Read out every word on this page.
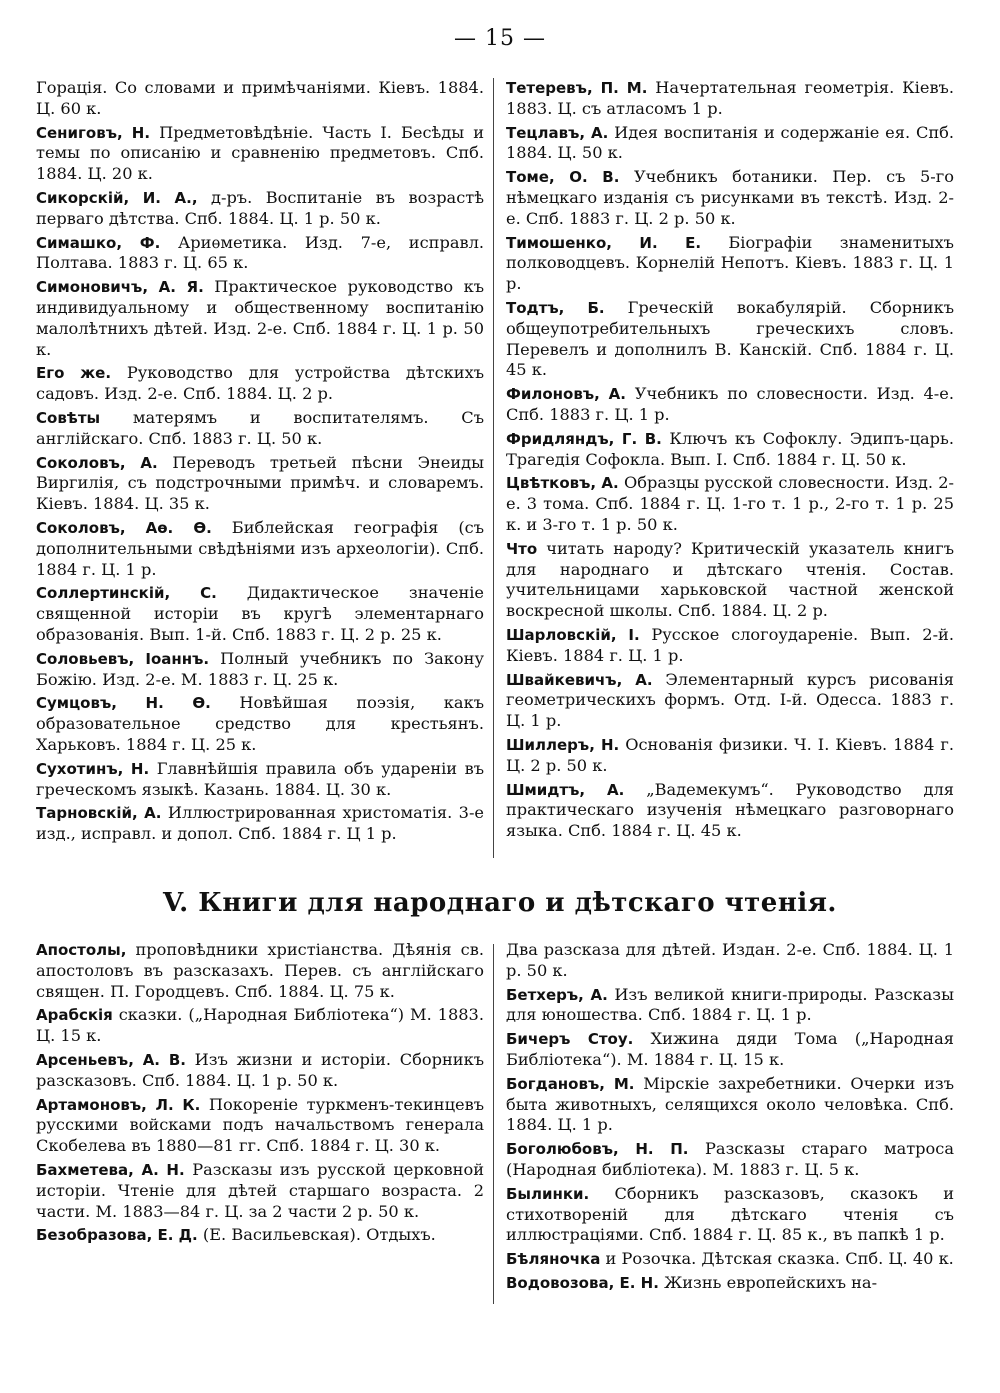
— 15 —

Горація. Со словами и примѣчаніями. Кіевъ. 1884. Ц. 60 к.

Сениговъ, Н. Предметовѣдѣніе. Часть I. Бесѣды и темы по описанію и сравненію предметовъ. Спб. 1884. Ц. 20 к.

Сикорскій, И. А., д-ръ. Воспитаніе въ возрастѣ перваго дѣтства. Спб. 1884. Ц. 1 р. 50 к.

Симашко, Ф. Ариѳметика. Изд. 7-е, исправл. Полтава. 1883 г. Ц. 65 к.

Симоновичъ, А. Я. Практическое руководство къ индивидуальному и общественному воспитанію малолѣтнихъ дѣтей. Изд. 2-е. Спб. 1884 г. Ц. 1 р. 50 к.

Его же. Руководство для устройства дѣтскихъ садовъ. Изд. 2-е. Спб. 1884. Ц. 2 р.

Совѣты матерямъ и воспитателямъ. Съ англійскаго. Спб. 1883 г. Ц. 50 к.

Соколовъ, А. Переводъ третьей пѣсни Энеиды Виргилія, съ подстрочными примѣч. и словаремъ. Кіевъ. 1884. Ц. 35 к.

Соколовъ, Аѳ. Ѳ. Библейская географія (съ дополнительными свѣдѣніями изъ археологіи). Спб. 1884 г. Ц. 1 р.

Соллертинскій, С. Дидактическое значеніе священной исторіи въ кругѣ элементарнаго образованія. Вып. 1-й. Спб. 1883 г. Ц. 2 р. 25 к.

Соловьевъ, Іоаннъ. Полный учебникъ по Закону Божію. Изд. 2-е. М. 1883 г. Ц. 25 к.

Сумцовъ, Н. Ѳ. Новѣйшая поэзія, какъ образовательное средство для крестьянъ. Харьковъ. 1884 г. Ц. 25 к.

Сухотинъ, Н. Главнѣйшія правила объ удареніи въ греческомъ языкѣ. Казань. 1884. Ц. 30 к.

Тарновскій, А. Иллюстрированная христоматія. 3-е изд., исправл. и допол. Спб. 1884 г. Ц 1 р.

Тетеревъ, П. М. Начертательная геометрія. Кіевъ. 1883. Ц. съ атласомъ 1 р.

Тецлавъ, А. Идея воспитанія и содержаніе ея. Спб. 1884. Ц. 50 к.

Томе, О. В. Учебникъ ботаники. Пер. съ 5-го нѣмецкаго изданія съ рисунками въ текстѣ. Изд. 2-е. Спб. 1883 г. Ц. 2 р. 50 к.

Тимошенко, И. Е. Біографіи знаменитыхъ полководцевъ. Корнелій Непотъ. Кіевъ. 1883 г. Ц. 1 р.

Тодтъ, Б. Греческій вокабулярій. Сборникъ общеупотребительныхъ греческихъ словъ. Перевелъ и дополнилъ В. Канскій. Спб. 1884 г. Ц. 45 к.

Филоновъ, А. Учебникъ по словесности. Изд. 4-е. Спб. 1883 г. Ц. 1 р.

Фридляндъ, Г. В. Ключъ къ Софоклу. Эдипъ-царь. Трагедія Софокла. Вып. I. Спб. 1884 г. Ц. 50 к.

Цвѣтковъ, А. Образцы русской словесности. Изд. 2-е. 3 тома. Спб. 1884 г. Ц. 1-го т. 1 р., 2-го т. 1 р. 25 к. и 3-го т. 1 р. 50 к.

Что читать народу? Критическій указатель книгъ для народнаго и дѣтскаго чтенія. Состав. учительницами харьковской частной женской воскресной школы. Спб. 1884. Ц. 2 р.

Шарловскій, І. Русское слогоудареніе. Вып. 2-й. Кіевъ. 1884 г. Ц. 1 р.

Швайкевичъ, А. Элементарный курсъ рисованія геометрическихъ формъ. Отд. I-й. Одесса. 1883 г. Ц. 1 р.

Шиллеръ, Н. Основанія физики. Ч. I. Кіевъ. 1884 г. Ц. 2 р. 50 к.

Шмидтъ, А. „Вадемекумъ“. Руководство для практическаго изученія нѣмецкаго разговорнаго языка. Спб. 1884 г. Ц. 45 к.

V. Книги для народнаго и дѣтскаго чтенія.

Апостолы, проповѣдники христіанства. Дѣянія св. апостоловъ въ разсказахъ. Перев. съ англійскаго священ. П. Городцевъ. Спб. 1884. Ц. 75 к.

Арабскія сказки. („Народная Библіотека“) М. 1883. Ц. 15 к.

Арсеньевъ, А. В. Изъ жизни и исторіи. Сборникъ разсказовъ. Спб. 1884. Ц. 1 р. 50 к.

Артамоновъ, Л. К. Покореніе туркменъ-текинцевъ русскими войсками подъ начальствомъ генерала Скобелева въ 1880—81 гг. Спб. 1884 г. Ц. 30 к.

Бахметева, А. Н. Разсказы изъ русской церковной исторіи. Чтеніе для дѣтей старшаго возраста. 2 части. М. 1883—84 г. Ц. за 2 части 2 р. 50 к.

Безобразова, Е. Д. (Е. Васильевская). Отдыхъ.

Два разсказа для дѣтей. Издан. 2-е. Спб. 1884. Ц. 1 р. 50 к.

Бетхеръ, А. Изъ великой книги-природы. Разсказы для юношества. Спб. 1884 г. Ц. 1 р.

Бичеръ Стоу. Хижина дяди Тома („Народная Библіотека“). М. 1884 г. Ц. 15 к.

Богдановъ, М. Мірскіе захребетники. Очерки изъ быта животныхъ, селящихся около человѣка. Спб. 1884. Ц. 1 р.

Боголюбовъ, Н. П. Разсказы стараго матроса (Народная библіотека). М. 1883 г. Ц. 5 к.

Былинки. Сборникъ разсказовъ, сказокъ и стихотвореній для дѣтскаго чтенія съ иллюстраціями. Спб. 1884 г. Ц. 85 к., въ папкѣ 1 р.

Бѣляночка и Розочка. Дѣтская сказка. Спб. Ц. 40 к.

Водовозова, Е. Н. Жизнь европейскихъ на-
